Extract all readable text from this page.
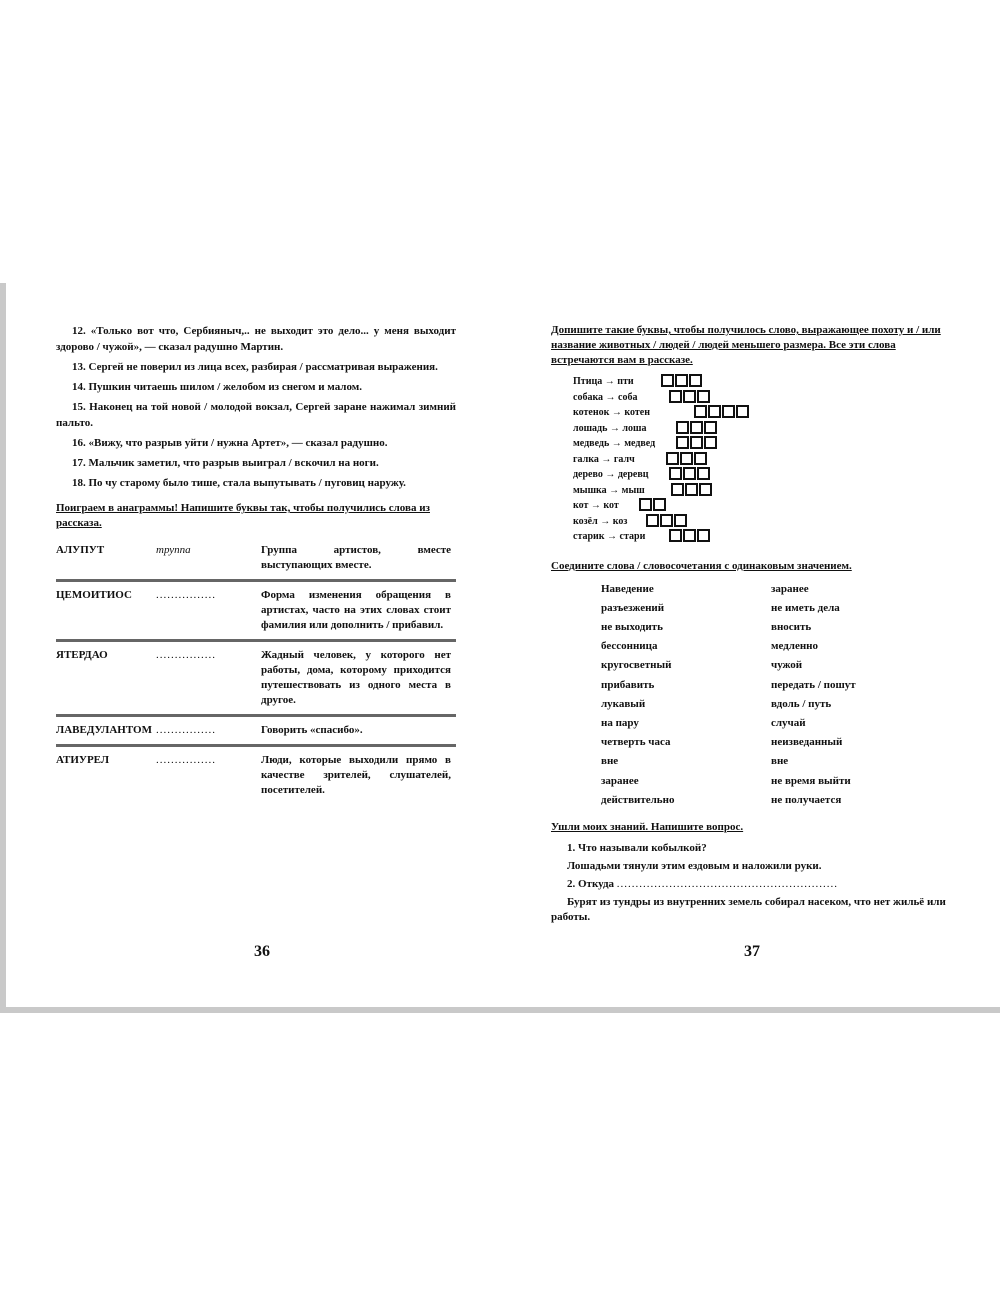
12. «Только вот что, Сербияныч,.. не выходит это дело... у меня выходит здорово / чужой», — сказал радушно Мартин.

13. Сергей не поверил из лица всех, разбирая / рассматривая выражения.

14. Пушкин читаешь шилом / желобом из снегом и малом.

15. Наконец на той новой / молодой вокзал, Сергей заране нажимал зимний пальто.

16. «Вижу, что разрыв уйти / нужна Артет», — сказал радушно.

17. Мальчик заметил, что разрыв выиграл / вскочил на ноги.

18. По чу старому было тише, стала выпутывать / пуговиц наружу.

Поиграем в анаграммы! Напишите буквы так, чтобы получились слова из рассказа.
АЛУПУТ	труппа	Группа артистов, вместе выступающих вместе.
ЦЕМОИТИОС	................	Форма изменения обращения в артистах, часто на этих словах стоит фамилия или дополнить / прибавил.
ЯТЕРДАО	................	Жадный человек, у которого нет работы, дома, которому приходится путешествовать из одного места в другое.
ЛАВЕДУЛАНТОМ ................	Говорить «спасибо».
АТИУРЕЛ	................	Люди, которые выходили прямо в качестве зрителей, слушателей, посетителей.
36
Допишите такие буквы, чтобы получилось слово, выражающее похоту и / или название животных / людей / людей меньшего размера. Все эти слова встречаются вам в рассказе.
Птица → пти
собака → соба
котенок → котен
лошадь → лоша
медведь → медвед
галка → галч
дерево → деревц
мышка → мыш
кот → кот
козёл → коз
старик → стари
Соедините слова / словосочетания с одинаковым значением.
Наведение	заранее
разъезжений	не иметь дела
не выходить	вносить
бессонница	медленно
кругосветный	чужой
прибавить	передать / пошут
лукавый	вдоль / путь
на пару	случай
четверть часа	неизведанный
вне	вне
заранее	не время выйти
действительно	не получается
Ушли моих знаний. Напишите вопрос.
1. Что называли кобылкой?
Лошадьми тянули этим ездовым и наложили руки.
2. Откуда ...........................................................
Бурят из тундры из внутренних земель собирал насеком, что нет жильё или работы.
37
